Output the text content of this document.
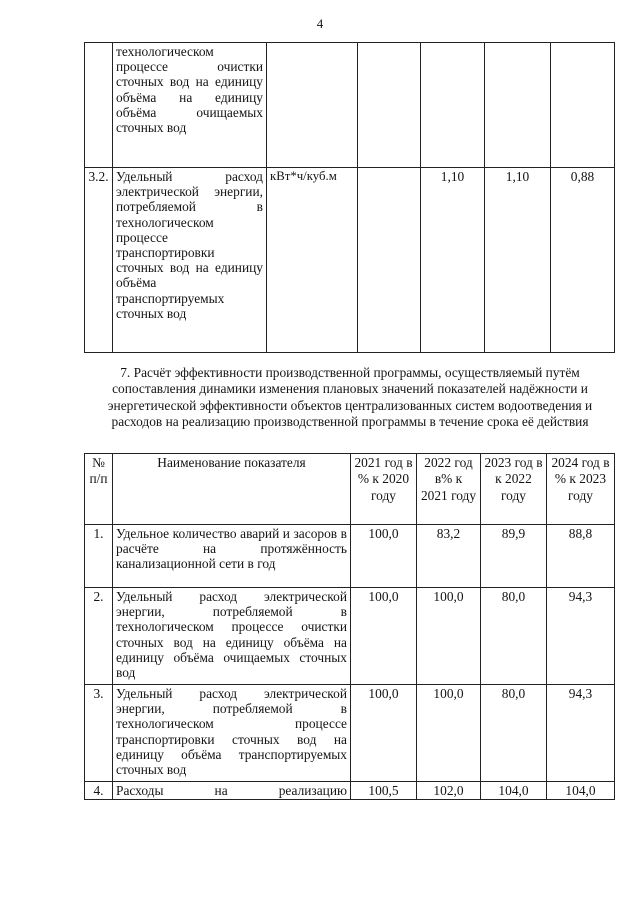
4
	технологическом процессе очистки сточных вод на единицу объёма на единицу объёма очищаемых сточных вод					
3.2.	Удельный расход электрической энергии, потребляемой в технологическом процессе транспортировки сточных вод на единицу объёма транспортируемых сточных вод	кВт*ч/куб.м		1,10	1,10	0,88
7. Расчёт эффективности производственной программы, осуществляемый путём сопоставления динамики изменения плановых значений показателей надёжности и энергетической эффективности объектов централизованных систем водоотведения и расходов на реализацию производственной программы в течение срока её действия
№ п/п	Наименование показателя	2021 год в % к 2020 году	2022 год в% к 2021 году	2023 год в к 2022 году	2024 год в % к 2023 году
1.	Удельное количество аварий и засоров в расчёте на протяжённость канализационной сети в год	100,0	83,2	89,9	88,8
2.	Удельный расход электрической энергии, потребляемой в технологическом процессе очистки сточных вод на единицу объёма на единицу объёма очищаемых сточных вод	100,0	100,0	80,0	94,3
3.	Удельный расход электрической энергии, потребляемой в технологическом процессе транспортировки сточных вод на единицу объёма транспортируемых сточных вод	100,0	100,0	80,0	94,3
4.	Расходы на реализацию	100,5	102,0	104,0	104,0
